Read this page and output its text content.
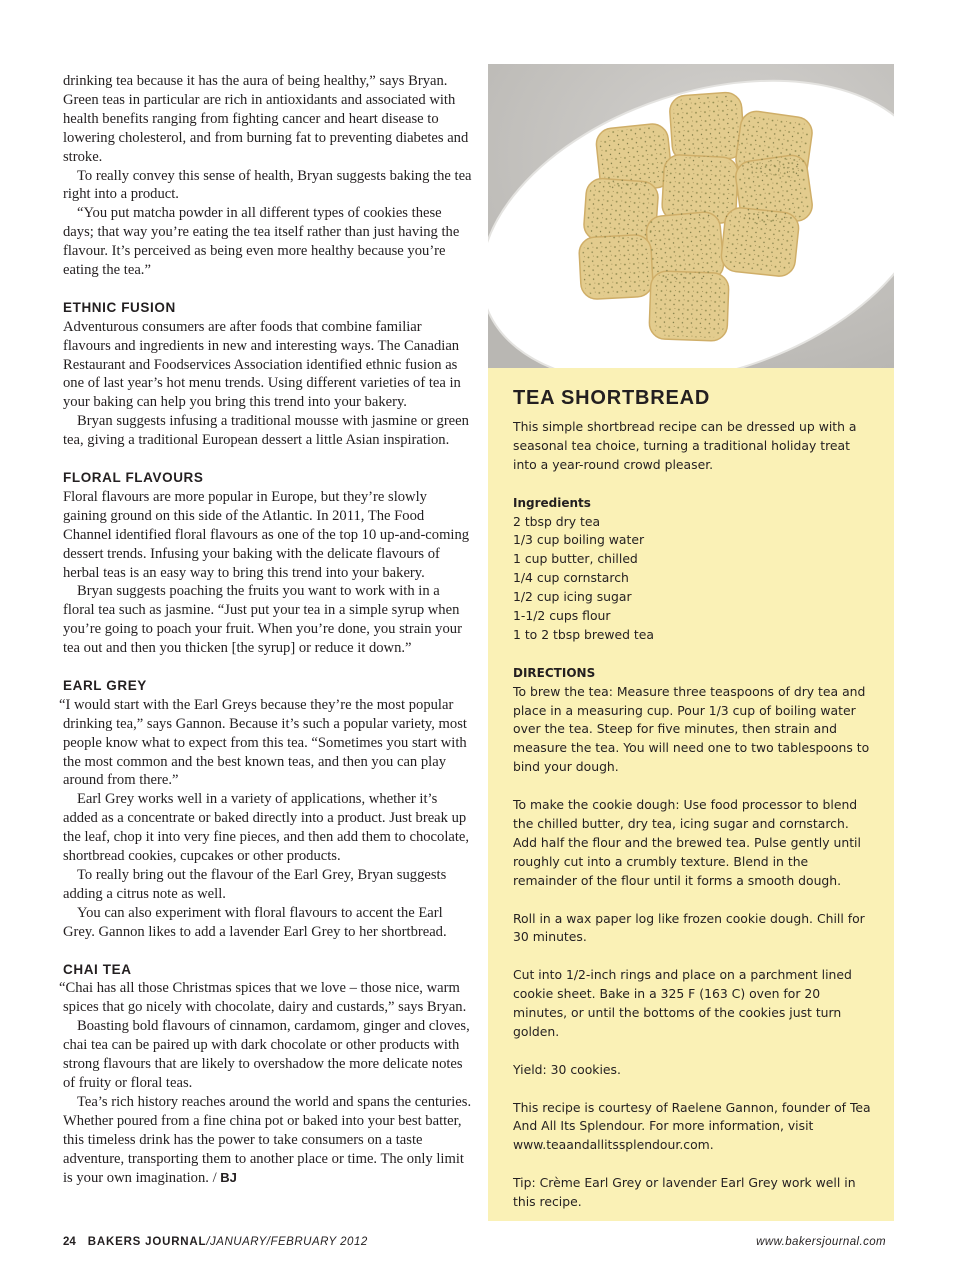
drinking tea because it has the aura of being healthy,” says Bryan. Green teas in particular are rich in antioxidants and associated with health benefits ranging from fighting cancer and heart disease to lowering cholesterol, and from burning fat to preventing diabetes and stroke.

To really convey this sense of health, Bryan suggests baking the tea right into a product.

“You put matcha powder in all different types of cookies these days; that way you’re eating the tea itself rather than just having the flavour. It’s perceived as being even more healthy because you’re eating the tea.”

ETHNIC FUSION

Adventurous consumers are after foods that combine familiar flavours and ingredients in new and interesting ways. The Canadian Restaurant and Foodservices Association identified ethnic fusion as one of last year’s hot menu trends. Using different varieties of tea in your baking can help you bring this trend into your bakery.

Bryan suggests infusing a traditional mousse with jasmine or green tea, giving a traditional European dessert a little Asian inspiration.

FLORAL FLAVOURS

Floral flavours are more popular in Europe, but they’re slowly gaining ground on this side of the Atlantic. In 2011, The Food Channel identified floral flavours as one of the top 10 up-and-coming dessert trends. Infusing your baking with the delicate flavours of herbal teas is an easy way to bring this trend into your bakery.

Bryan suggests poaching the fruits you want to work with in a floral tea such as jasmine. “Just put your tea in a simple syrup when you’re going to poach your fruit. When you’re done, you strain your tea out and then you thicken [the syrup] or reduce it down.”

EARL GREY

“I would start with the Earl Greys because they’re the most popular drinking tea,” says Gannon. Because it’s such a popular variety, most people know what to expect from this tea. “Sometimes you start with the most common and the best known teas, and then you can play around from there.”

Earl Grey works well in a variety of applications, whether it’s added as a concentrate or baked directly into a product. Just break up the leaf, chop it into very fine pieces, and then add them to chocolate, shortbread cookies, cupcakes or other products.

To really bring out the flavour of the Earl Grey, Bryan suggests adding a citrus note as well.

You can also experiment with floral flavours to accent the Earl Grey. Gannon likes to add a lavender Earl Grey to her shortbread.

CHAI TEA

“Chai has all those Christmas spices that we love – those nice, warm spices that go nicely with chocolate, dairy and custards,” says Bryan.

Boasting bold flavours of cinnamon, cardamom, ginger and cloves, chai tea can be paired up with dark chocolate or other products with strong flavours that are likely to overshadow the more delicate notes of fruity or floral teas.

Tea’s rich history reaches around the world and spans the centuries. Whether poured from a fine china pot or baked into your best batter, this timeless drink has the power to take consumers on a taste adventure, transporting them to another place or time. The only limit is your own imagination. / BJ

TEA SHORTBREAD

This simple shortbread recipe can be dressed up with a seasonal tea choice, turning a traditional holiday treat into a year-round crowd pleaser.

Ingredients

2 tbsp dry tea
1/3 cup boiling water
1 cup butter, chilled
1/4 cup cornstarch
1/2 cup icing sugar
1-1/2 cups flour
1 to 2 tbsp brewed tea

DIRECTIONS

To brew the tea: Measure three teaspoons of dry tea and place in a measuring cup. Pour 1/3 cup of boiling water over the tea. Steep for five minutes, then strain and measure the tea. You will need one to two tablespoons to bind your dough.

To make the cookie dough: Use food processor to blend the chilled butter, dry tea, icing sugar and cornstarch. Add half the flour and the brewed tea. Pulse gently until roughly cut into a crumbly texture. Blend in the remainder of the flour until it forms a smooth dough.

Roll in a wax paper log like frozen cookie dough. Chill for 30 minutes.

Cut into 1/2-inch rings and place on a parchment lined cookie sheet. Bake in a 325 F (163 C) oven for 20 minutes, or until the bottoms of the cookies just turn golden.

Yield: 30 cookies.

This recipe is courtesy of Raelene Gannon, founder of Tea And All Its Splendour. For more information, visit www.teaandallitssplendour.com.

Tip: Crème Earl Grey or lavender Earl Grey work well in this recipe.

24 BAKERS JOURNAL/JANUARY/FEBRUARY 2012	www.bakersjournal.com
